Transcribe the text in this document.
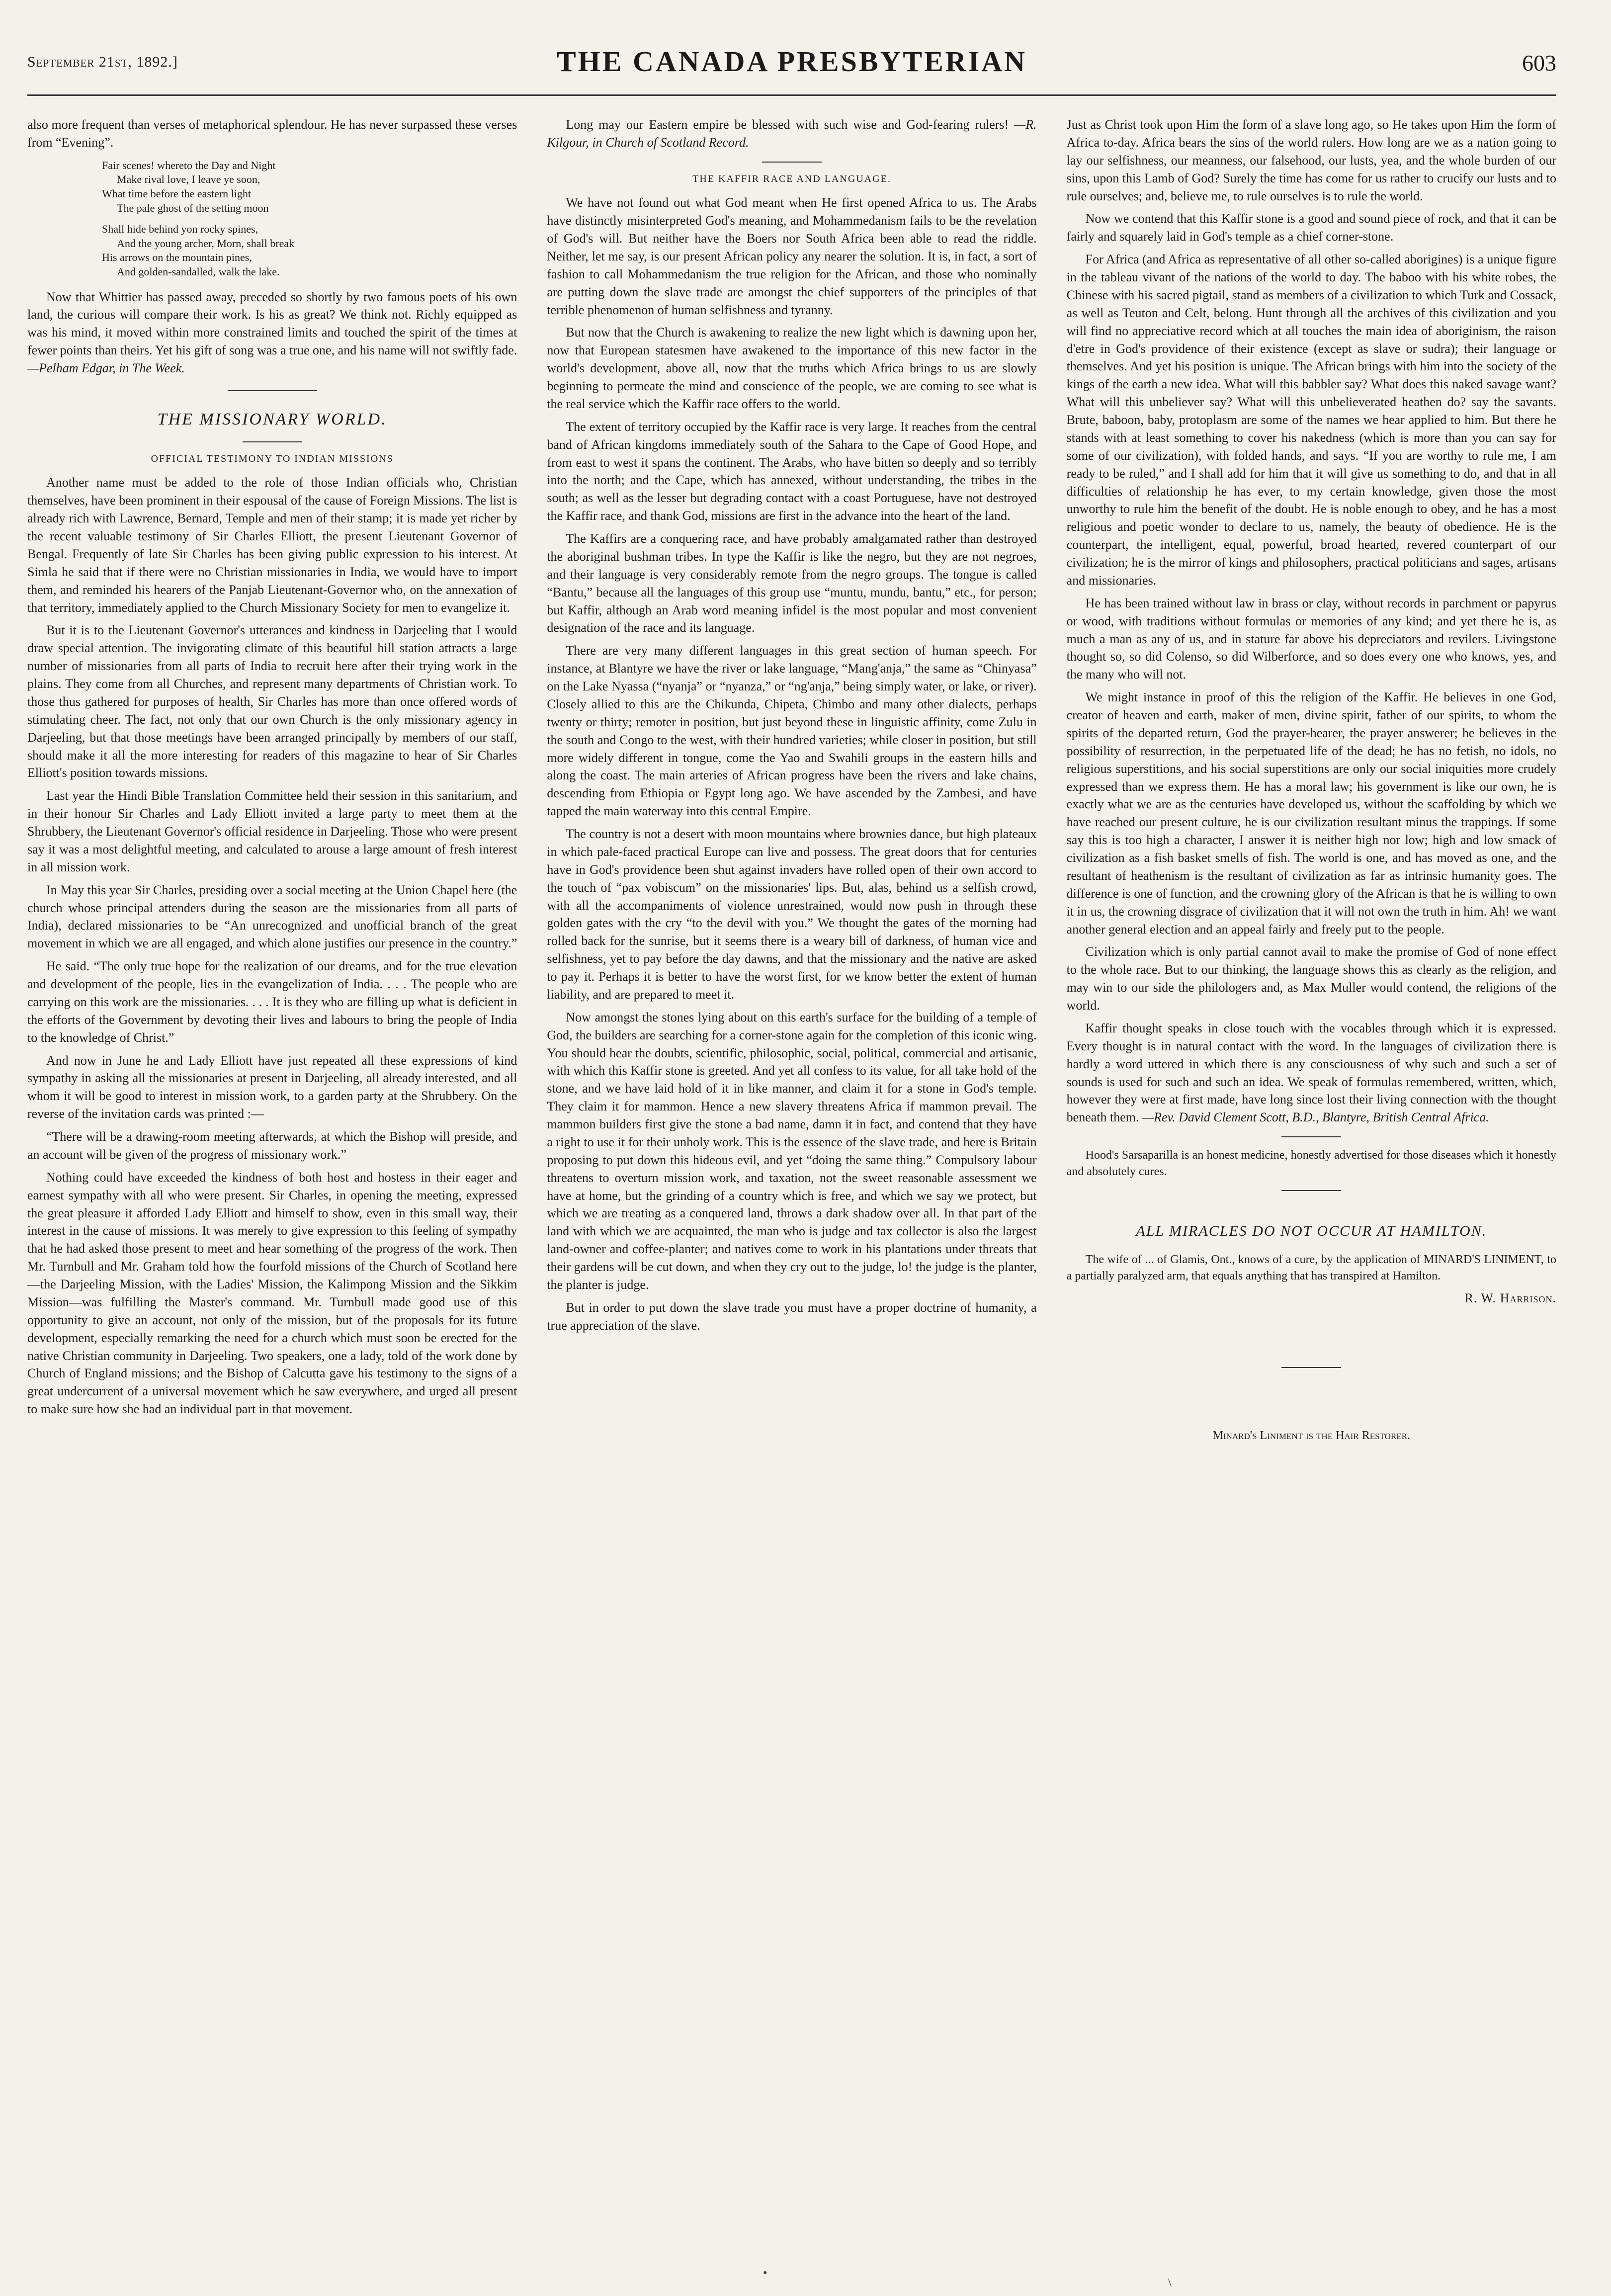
September 21st, 1892.]	THE CANADA PRESBYTERIAN	603

also more frequent than verses of metaphorical splendour. He has never surpassed these verses from “Evening”.

Fair scenes! whereto the Day and Night
Make rival love, I leave ye soon,
What time before the eastern light
The pale ghost of the setting moon
Shall hide behind yon rocky spines,
And the young archer, Morn, shall break
His arrows on the mountain pines,
And golden-sandalled, walk the lake.

Now that Whittier has passed away, preceded so shortly by two famous poets of his own land, the curious will compare their work. Is his as great? We think not. Richly equipped as was his mind, it moved within more constrained limits and touched the spirit of the times at fewer points than theirs. Yet his gift of song was a true one, and his name will not swiftly fade. —Pelham Edgar, in The Week.

THE MISSIONARY WORLD.
OFFICIAL TESTIMONY TO INDIAN MISSIONS

Another name must be added to the role of those Indian officials who, Christian themselves, have been prominent in their espousal of the cause of Foreign Missions. The list is already rich with Lawrence, Bernard, Temple and men of their stamp; it is made yet richer by the recent valuable testimony of Sir Charles Elliott, the present Lieutenant Governor of Bengal. Frequently of late Sir Charles has been giving public expression to his interest. At Simla he said that if there were no Christian missionaries in India, we would have to import them, and reminded his hearers of the Panjab Lieutenant-Governor who, on the annexation of that territory, immediately applied to the Church Missionary Society for men to evangelize it.

But it is to the Lieutenant Governor's utterances and kindness in Darjeeling that I would draw special attention. The invigorating climate of this beautiful hill station attracts a large number of missionaries from all parts of India to recruit here after their trying work in the plains. They come from all Churches, and represent many departments of Christian work. To those thus gathered for purposes of health, Sir Charles has more than once offered words of stimulating cheer. The fact, not only that our own Church is the only missionary agency in Darjeeling, but that those meetings have been arranged principally by members of our staff, should make it all the more interesting for readers of this magazine to hear of Sir Charles Elliott's position towards missions.

Last year the Hindi Bible Translation Committee held their session in this sanitarium, and in their honour Sir Charles and Lady Elliott invited a large party to meet them at the Shrubbery, the Lieutenant Governor's official residence in Darjeeling. Those who were present say it was a most delightful meeting, and calculated to arouse a large amount of fresh interest in all mission work.

In May this year Sir Charles, presiding over a social meeting at the Union Chapel here (the church whose principal attenders during the season are the missionaries from all parts of India), declared missionaries to be “An unrecognized and unofficial branch of the great movement in which we are all engaged, and which alone justifies our presence in the country.”

He said. “The only true hope for the realization of our dreams, and for the true elevation and development of the people, lies in the evangelization of India. . . . The people who are carrying on this work are the missionaries. . . . It is they who are filling up what is deficient in the efforts of the Government by devoting their lives and labours to bring the people of India to the knowledge of Christ.”

And now in June he and Lady Elliott have just repeated all these expressions of kind sympathy in asking all the missionaries at present in Darjeeling, all already interested, and all whom it will be good to interest in mission work, to a garden party at the Shrubbery. On the reverse of the invitation cards was printed :—

“There will be a drawing-room meeting afterwards, at which the Bishop will preside, and an account will be given of the progress of missionary work.”

Nothing could have exceeded the kindness of both host and hostess in their eager and earnest sympathy with all who were present. Sir Charles, in opening the meeting, expressed the great pleasure it afforded Lady Elliott and himself to show, even in this small way, their interest in the cause of missions. It was merely to give expression to this feeling of sympathy that he had asked those present to meet and hear something of the progress of the work. Then Mr. Turnbull and Mr. Graham told how the fourfold missions of the Church of Scotland here—the Darjeeling Mission, with the Ladies' Mission, the Kalimpong Mission and the Sikkim Mission—was fulfilling the Master's command. Mr. Turnbull made good use of this opportunity to give an account, not only of the mission, but of the proposals for its future development, especially remarking the need for a church which must soon be erected for the native Christian community in Darjeeling. Two speakers, one a lady, told of the work done by Church of England missions; and the Bishop of Calcutta gave his testimony to the signs of a great undercurrent of a universal movement which he saw everywhere, and urged all present to make sure how she had an individual part in that movement.

Long may our Eastern empire be blessed with such wise and God-fearing rulers! —R. Kilgour, in Church of Scotland Record.

THE KAFFIR RACE AND LANGUAGE.

We have not found out what God meant when He first opened Africa to us. The Arabs have distinctly misinterpreted God's meaning, and Mohammedanism fails to be the revelation of God's will. But neither have the Boers nor South Africa been able to read the riddle. Neither, let me say, is our present African policy any nearer the solution. It is, in fact, a sort of fashion to call Mohammedanism the true religion for the African, and those who nominally are putting down the slave trade are amongst the chief supporters of the principles of that terrible phenomenon of human selfishness and tyranny.

But now that the Church is awakening to realize the new light which is dawning upon her, now that European statesmen have awakened to the importance of this new factor in the world's development, above all, now that the truths which Africa brings to us are slowly beginning to permeate the mind and conscience of the people, we are coming to see what is the real service which the Kaffir race offers to the world.

The extent of territory occupied by the Kaffir race is very large. It reaches from the central band of African kingdoms immediately south of the Sahara to the Cape of Good Hope, and from east to west it spans the continent. The Arabs, who have bitten so deeply and so terribly into the north; and the Cape, which has annexed, without understanding, the tribes in the south; as well as the lesser but degrading contact with a coast Portuguese, have not destroyed the Kaffir race, and thank God, missions are first in the advance into the heart of the land.

The Kaffirs are a conquering race, and have probably amalgamated rather than destroyed the aboriginal bushman tribes. In type the Kaffir is like the negro, but they are not negroes, and their language is very considerably remote from the negro groups. The tongue is called “Bantu,” because all the languages of this group use “muntu, mundu, bantu,” etc., for person; but Kaffir, although an Arab word meaning infidel is the most popular and most convenient designation of the race and its language.

There are very many different languages in this great section of human speech. For instance, at Blantyre we have the river or lake language, “Mang'anja,” the same as “Chinyasa” on the Lake Nyassa (“nyanja” or “nyanza,” or “ng'anja,” being simply water, or lake, or river). Closely allied to this are the Chikunda, Chipeta, Chimbo and many other dialects, perhaps twenty or thirty; remoter in position, but just beyond these in linguistic affinity, come Zulu in the south and Congo to the west, with their hundred varieties; while closer in position, but still more widely different in tongue, come the Yao and Swahili groups in the eastern hills and along the coast. The main arteries of African progress have been the rivers and lake chains, descending from Ethiopia or Egypt long ago. We have ascended by the Zambesi, and have tapped the main waterway into this central Empire.

The country is not a desert with moon mountains where brownies dance, but high plateaux in which pale-faced practical Europe can live and possess. The great doors that for centuries have in God's providence been shut against invaders have rolled open of their own accord to the touch of “pax vobiscum” on the missionaries' lips. But, alas, behind us a selfish crowd, with all the accompaniments of violence unrestrained, would now push in through these golden gates with the cry “to the devil with you.” We thought the gates of the morning had rolled back for the sunrise, but it seems there is a weary bill of darkness, of human vice and selfishness, yet to pay before the day dawns, and that the missionary and the native are asked to pay it. Perhaps it is better to have the worst first, for we know better the extent of human liability, and are prepared to meet it.

Now amongst the stones lying about on this earth's surface for the building of a temple of God, the builders are searching for a corner-stone again for the completion of this iconic wing. You should hear the doubts, scientific, philosophic, social, political, commercial and artisanic, with which this Kaffir stone is greeted. And yet all confess to its value, for all take hold of the stone, and we have laid hold of it in like manner, and claim it for a stone in God's temple. They claim it for mammon. Hence a new slavery threatens Africa if mammon prevail. The mammon builders first give the stone a bad name, damn it in fact, and contend that they have a right to use it for their unholy work. This is the essence of the slave trade, and here is Britain proposing to put down this hideous evil, and yet “doing the same thing.” Compulsory labour threatens to overturn mission work, and taxation, not the sweet reasonable assessment we have at home, but the grinding of a country which is free, and which we say we protect, but which we are treating as a conquered land, throws a dark shadow over all. In that part of the land with which we are acquainted, the man who is judge and tax collector is also the largest land-owner and coffee-planter; and natives come to work in his plantations under threats that their gardens will be cut down, and when they cry out to the judge, lo! the judge is the planter, the planter is judge.

But in order to put down the slave trade you must have a proper doctrine of humanity, a true appreciation of the slave.

Just as Christ took upon Him the form of a slave long ago, so He takes upon Him the form of Africa to-day. Africa bears the sins of the world rulers. How long are we as a nation going to lay our selfishness, our meanness, our falsehood, our lusts, yea, and the whole burden of our sins, upon this Lamb of God? Surely the time has come for us rather to crucify our lusts and to rule ourselves; and, believe me, to rule ourselves is to rule the world.

Now we contend that this Kaffir stone is a good and sound piece of rock, and that it can be fairly and squarely laid in God's temple as a chief corner-stone.

For Africa (and Africa as representative of all other so-called aborigines) is a unique figure in the tableau vivant of the nations of the world to day. The baboo with his white robes, the Chinese with his sacred pigtail, stand as members of a civilization to which Turk and Cossack, as well as Teuton and Celt, belong. Hunt through all the archives of this civilization and you will find no appreciative record which at all touches the main idea of aboriginism, the raison d'etre in God's providence of their existence (except as slave or sudra); their language or themselves. And yet his position is unique. The African brings with him into the society of the kings of the earth a new idea. What will this babbler say? What does this naked savage want? What will this unbeliever say? What will this unbelieverated heathen do? say the savants. Brute, baboon, baby, protoplasm are some of the names we hear applied to him. But there he stands with at least something to cover his nakedness (which is more than you can say for some of our civilization), with folded hands, and says. “If you are worthy to rule me, I am ready to be ruled,” and I shall add for him that it will give us something to do, and that in all difficulties of relationship he has ever, to my certain knowledge, given those the most unworthy to rule him the benefit of the doubt. He is noble enough to obey, and he has a most religious and poetic wonder to declare to us, namely, the beauty of obedience. He is the counterpart, the intelligent, equal, powerful, broad hearted, revered counterpart of our civilization; he is the mirror of kings and philosophers, practical politicians and sages, artisans and missionaries.

He has been trained without law in brass or clay, without records in parchment or papyrus or wood, with traditions without formulas or memories of any kind; and yet there he is, as much a man as any of us, and in stature far above his depreciators and revilers. Livingstone thought so, so did Colenso, so did Wilberforce, and so does every one who knows, yes, and the many who will not.

We might instance in proof of this the religion of the Kaffir. He believes in one God, creator of heaven and earth, maker of men, divine spirit, father of our spirits, to whom the spirits of the departed return, God the prayer-hearer, the prayer answerer; he believes in the possibility of resurrection, in the perpetuated life of the dead; he has no fetish, no idols, no religious superstitions, and his social superstitions are only our social iniquities more crudely expressed than we express them. He has a moral law; his government is like our own, he is exactly what we are as the centuries have developed us, without the scaffolding by which we have reached our present culture, he is our civilization resultant minus the trappings. If some say this is too high a character, I answer it is neither high nor low; high and low smack of civilization as a fish basket smells of fish. The world is one, and has moved as one, and the resultant of heathenism is the resultant of civilization as far as intrinsic humanity goes. The difference is one of function, and the crowning glory of the African is that he is willing to own it in us, the crowning disgrace of civilization that it will not own the truth in him. Ah! we want another general election and an appeal fairly and freely put to the people.

Civilization which is only partial cannot avail to make the promise of God of none effect to the whole race. But to our thinking, the language shows this as clearly as the religion, and may win to our side the philologers and, as Max Muller would contend, the religions of the world.

Kaffir thought speaks in close touch with the vocables through which it is expressed. Every thought is in natural contact with the word. In the languages of civilization there is hardly a word uttered in which there is any consciousness of why such and such a set of sounds is used for such and such an idea. We speak of formulas remembered, written, which, however they were at first made, have long since lost their living connection with the thought beneath them. —Rev. David Clement Scott, B.D., Blantyre, British Central Africa.

Hood's Sarsaparilla is an honest medicine, honestly advertised for those diseases which it honestly and absolutely cures.

ALL MIRACLES DO NOT OCCUR AT HAMILTON.

The wife of ... of Glamis, Ont., knows of a cure, by the application of MINARD'S LINIMENT, to a partially paralyzed arm, that equals anything that has transpired at Hamilton.

R. W. Harrison.
Minard's Liniment is the Hair Restorer.
•
\
